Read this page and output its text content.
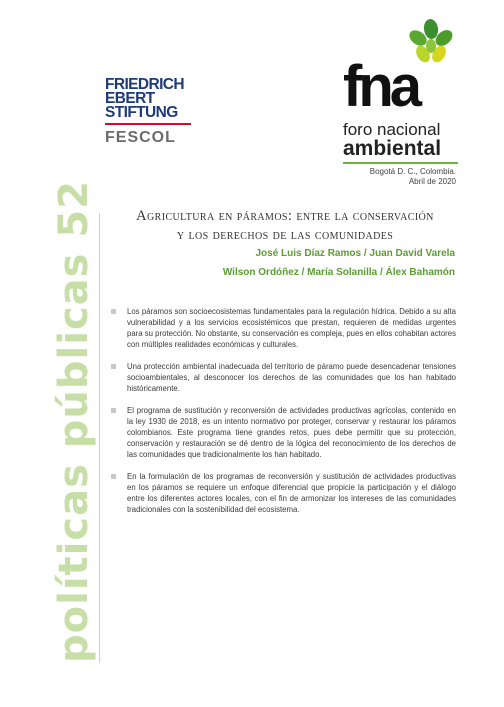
FRIEDRICH
EBERT
STIFTUNG
FESCOL
fna
foro nacional
ambiental
Bogotá D. C., Colombia.
Abril de 2020
políticas públicas 52	Agricultura en páramos: entre la conservación
y los derechos de las comunidades
José Luis Díaz Ramos / Juan David Varela
Wilson Ordóñez / María Solanilla / Álex Bahamón
Los páramos son socioecosistemas fundamentales para la regulación hídrica. Debido a su alta vulnerabilidad y a los servicios ecosistémicos que prestan, requieren de medidas urgentes para su protección. No obstante, su conservación es compleja, pues en ellos cohabitan actores con múltiples realidades económicas y culturales.
Una protección ambiental inadecuada del territorio de páramo puede desencadenar tensiones socioambientales, al desconocer los derechos de las comunidades que los han habitado históricamente.
El programa de sustitución y reconversión de actividades productivas agrícolas, contenido en la ley 1930 de 2018, es un intento normativo por proteger, conservar y restaurar los páramos colombianos. Este programa tiene grandes retos, pues debe permitir que su protección, conservación y restauración se dé dentro de la lógica del reconocimiento de los derechos de las comunidades que tradicionalmente los han habitado.
En la formulación de los programas de reconversión y sustitución de actividades productivas en los páramos se requiere un enfoque diferencial que propicie la participación y el diálogo entre los diferentes actores locales, con el fin de armonizar los intereses de las comunidades tradicionales con la sostenibilidad del ecosistema.
